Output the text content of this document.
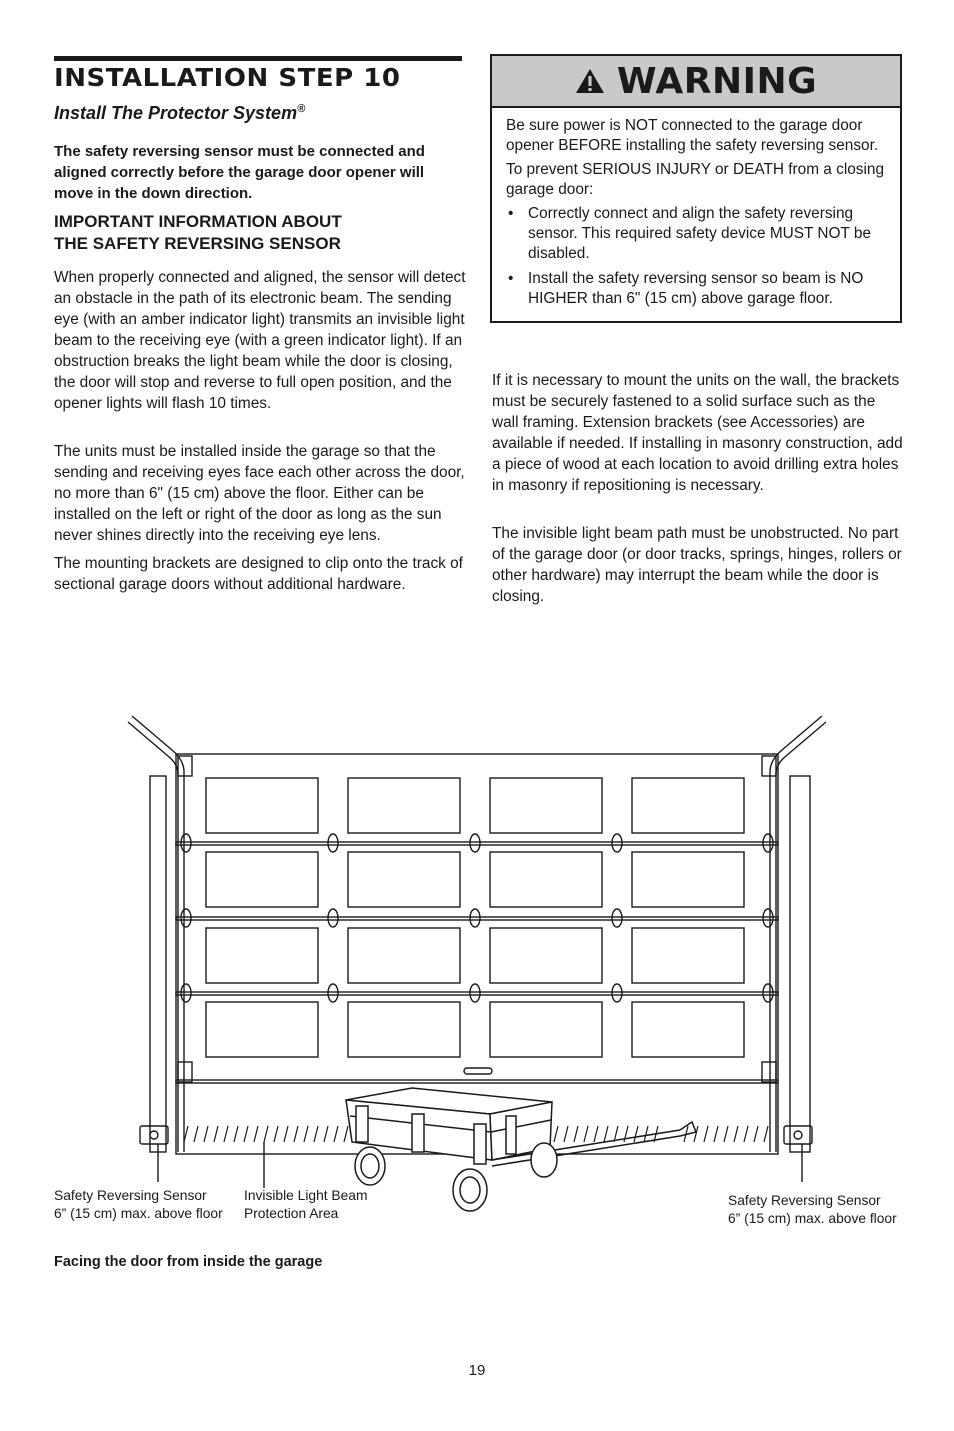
INSTALLATION STEP 10
Install The Protector System®
The safety reversing sensor must be connected and aligned correctly before the garage door opener will move in the down direction.
IMPORTANT INFORMATION ABOUT
THE SAFETY REVERSING SENSOR
When properly connected and aligned, the sensor will detect an obstacle in the path of its electronic beam. The sending eye (with an amber indicator light) transmits an invisible light beam to the receiving eye (with a green indicator light). If an obstruction breaks the light beam while the door is closing, the door will stop and reverse to full open position, and the opener lights will flash 10 times.
The units must be installed inside the garage so that the sending and receiving eyes face each other across the door, no more than 6" (15 cm) above the floor. Either can be installed on the left or right of the door as long as the sun never shines directly into the receiving eye lens.
The mounting brackets are designed to clip onto the track of sectional garage doors without additional hardware.
WARNING

Be sure power is NOT connected to the garage door opener BEFORE installing the safety reversing sensor.

To prevent SERIOUS INJURY or DEATH from a closing garage door:

• Correctly connect and align the safety reversing sensor. This required safety device MUST NOT be disabled.
• Install the safety reversing sensor so beam is NO HIGHER than 6" (15 cm) above garage floor.
If it is necessary to mount the units on the wall, the brackets must be securely fastened to a solid surface such as the wall framing. Extension brackets (see Accessories) are available if needed. If installing in masonry construction, add a piece of wood at each location to avoid drilling extra holes in masonry if repositioning is necessary.
The invisible light beam path must be unobstructed. No part of the garage door (or door tracks, springs, hinges, rollers or other hardware) may interrupt the beam while the door is closing.
Safety Reversing Sensor
6” (15 cm) max. above floor
Invisible Light Beam
Protection Area
Safety Reversing Sensor
6” (15 cm) max. above floor
Facing the door from inside the garage
19
